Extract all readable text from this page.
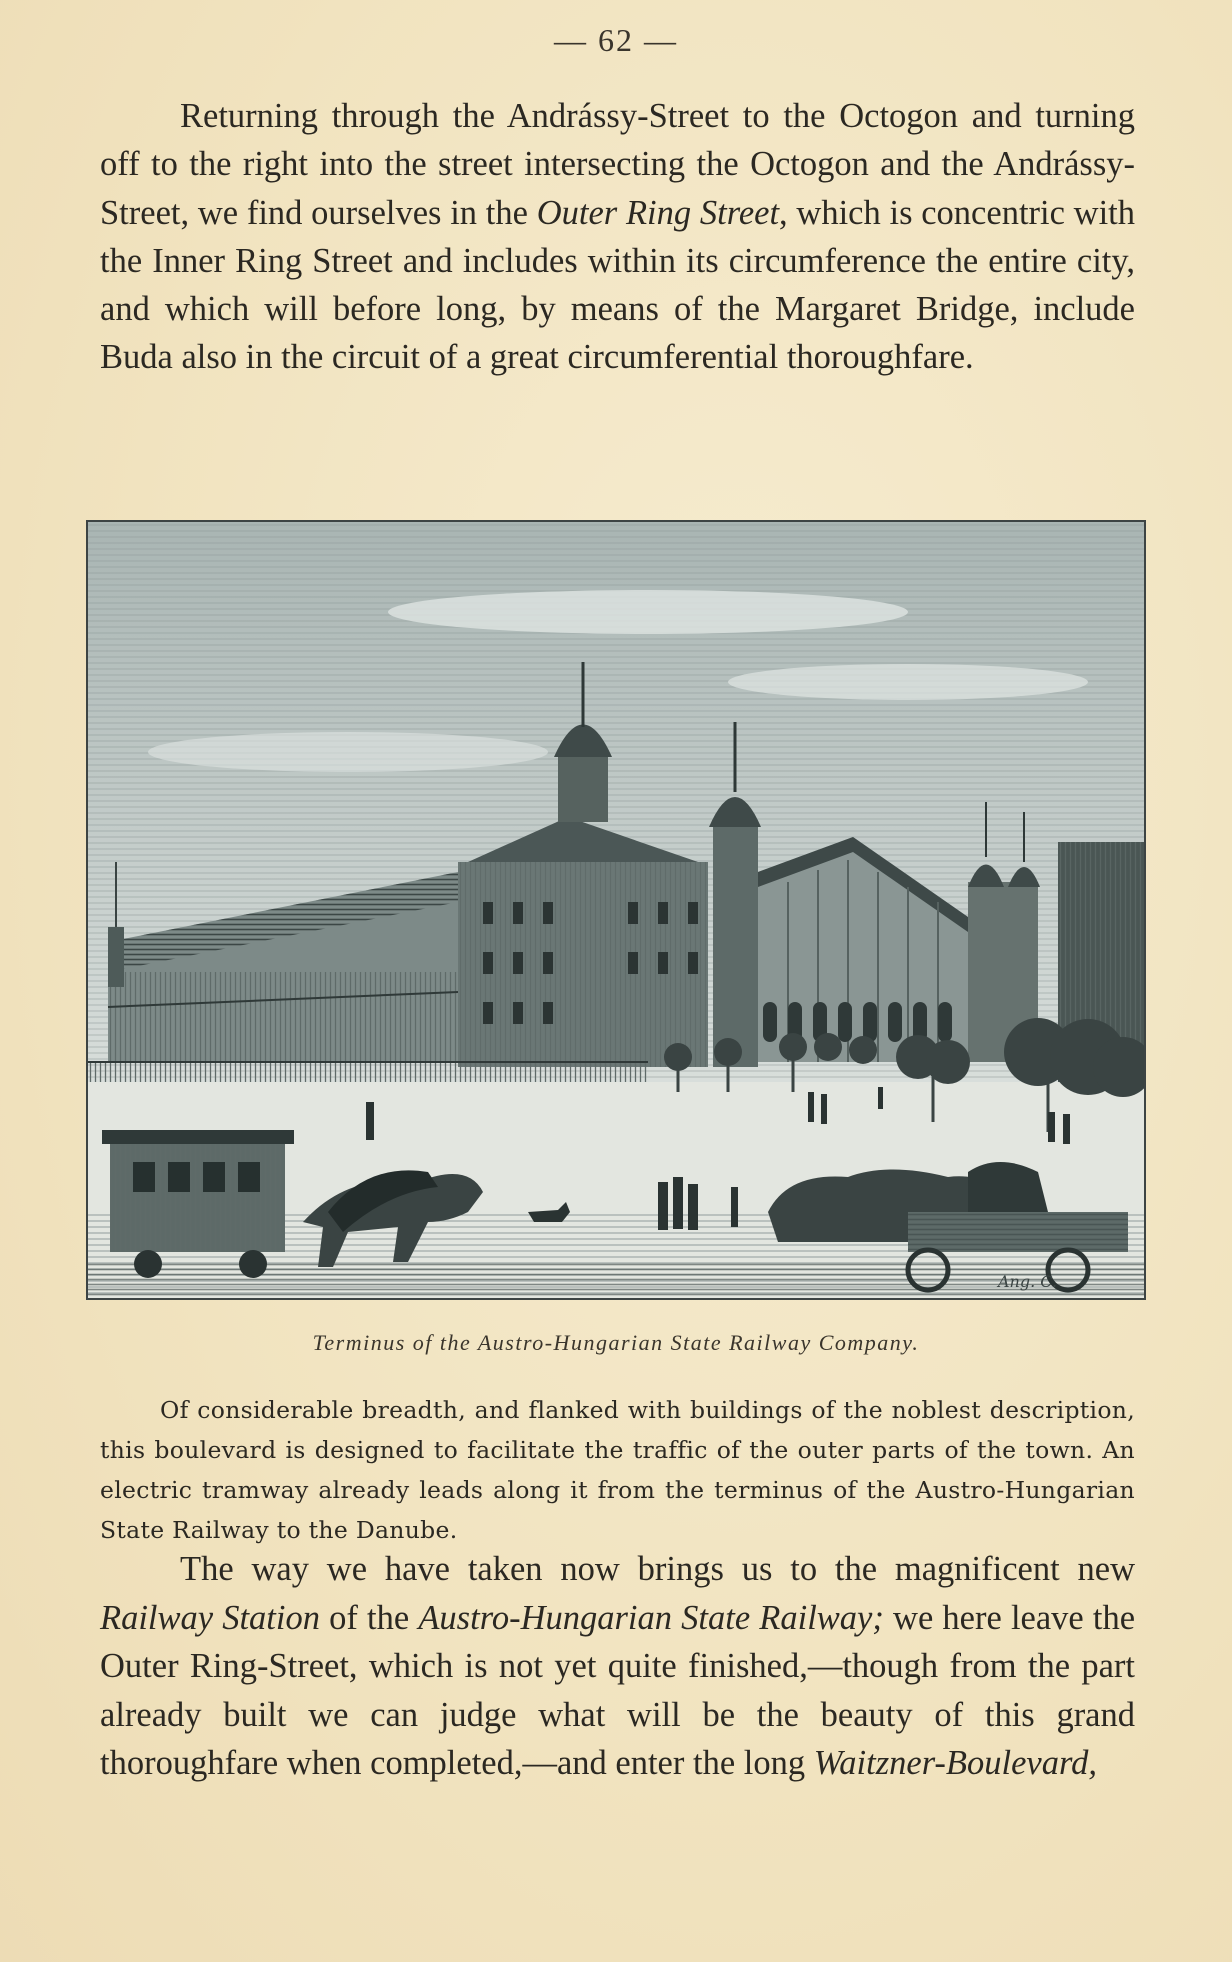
— 62 —

Returning through the Andrássy-Street to the Octogon and turning off to the right into the street intersecting the Octogon and the Andrássy-Street, we find ourselves in the Outer Ring Street, which is concentric with the Inner Ring Street and includes within its circumference the entire city, and which will before long, by means of the Margaret Bridge, include Buda also in the circuit of a great circumferential thoroughfare.

Ang. C.
Terminus of the Austro-Hungarian State Railway Company.

Of considerable breadth, and flanked with buildings of the noblest description, this boulevard is designed to facilitate the traffic of the outer parts of the town. An electric tramway already leads along it from the terminus of the Austro-Hungarian State Railway to the Danube.

The way we have taken now brings us to the magnificent new Railway Station of the Austro-Hungarian State Railway; we here leave the Outer Ring-Street, which is not yet quite finished,—though from the part already built we can judge what will be the beauty of this grand thoroughfare when completed,—and enter the long Waitzner-Boulevard,
